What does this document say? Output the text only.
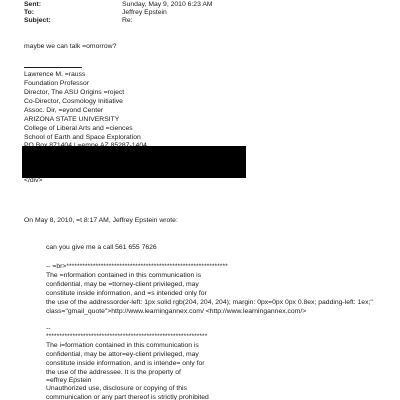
Sent:	Sunday, May 9, 2010 6:23 AM
To:	Jeffrey Epstein
Subject:	Re:
maybe we can talk =omorrow?
Lawrence M. =rauss
Foundation Professor
Director, The ASU Origins =roject
Co-Director, Cosmology Initiative
Assoc. Dir, =eyond Center
ARIZONA STATE UNIVERSITY
College of Liberal Arts and =ciences
School of Earth and Space Exploration
</div>
On May 8, 2010, =t 8:17 AM, Jeffrey Epstein wrote:
can you give me a call 561 655 7626
-- =br>*************************************************************
The =nformation contained in this communication is
confidential, may be =ttorney-client privileged, may
constitute inside information, and =s intended only for
the use of the addressorder-left: 1px solid rgb(204, 204, 204); margin: 0px=0px 0px 0.8ex; padding-left: 1ex;"
class="gmail_quote">http://www.learningannex.com/ <http://www.learningannex.com/>
--
*************************************************************
The i=formation contained in this communication is
confidential, may be attor=ey-client privileged, may
constitute inside information, and is intende= only for
the use of the addressee. It is the property of
=effrey Epstein
Unauthorized use, disclosure or copying of this
communication or any part thereof is strictly prohibited
